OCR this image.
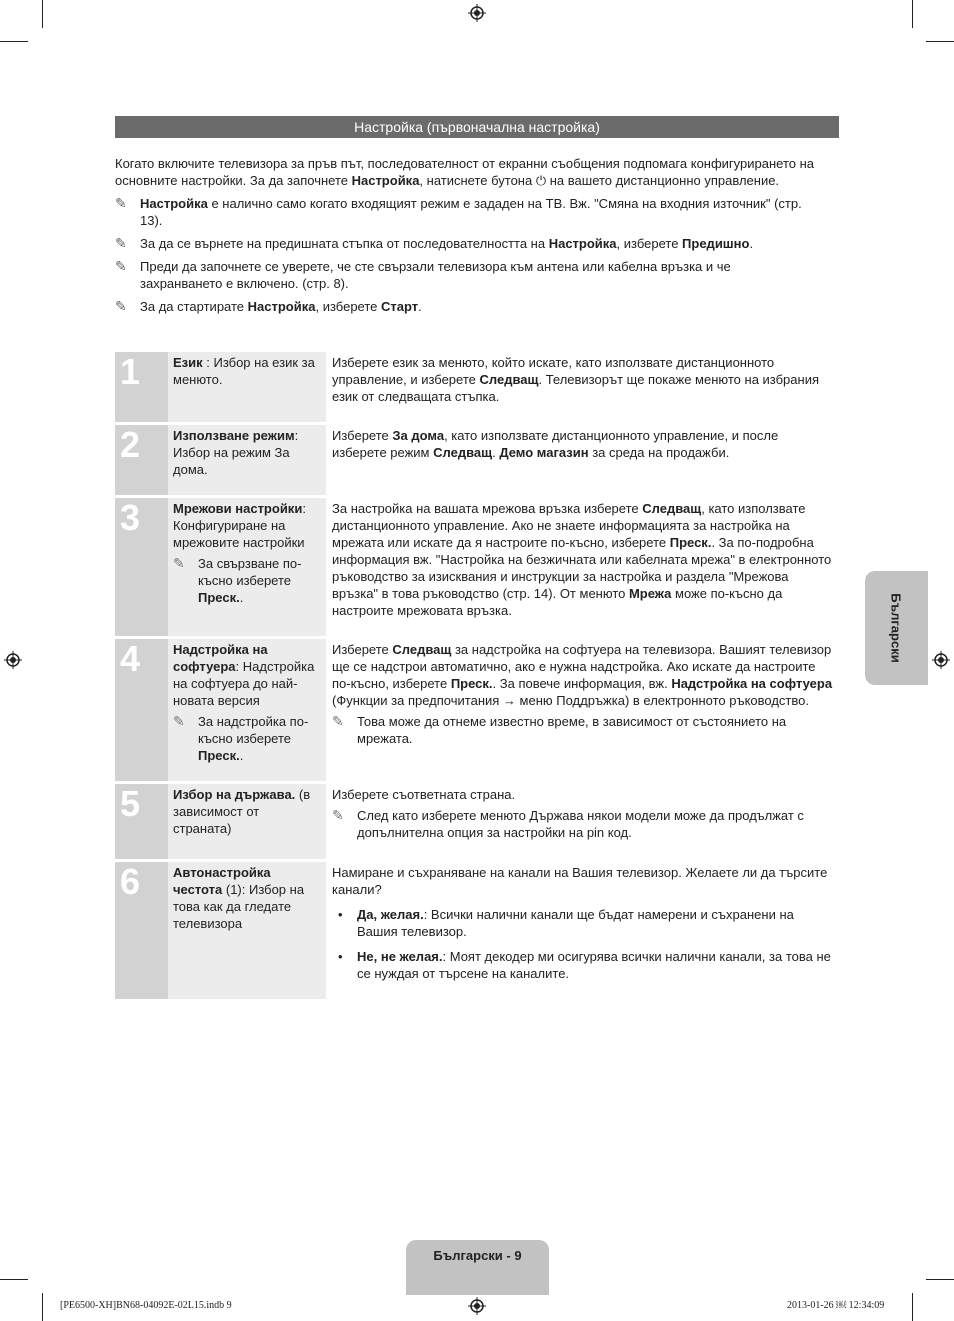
Настройка (първоначална настройка)

Когато включите телевизора за пръв път, последователност от екранни съобщения подпомага конфигурирането на основните настройки. За да започнете Настройка, натиснете бутона ⏻ на вашето дистанционно управление.

✎ Настройка е налично само когато входящият режим е зададен на ТВ. Вж. "Смяна на входния източник" (стр. 13).
✎ За да се върнете на предишната стъпка от последователността на Настройка, изберете Предишно.
✎ Преди да започнете се уверете, че сте свързали телевизора към антена или кабелна връзка и че захранването е включено. (стр. 8).
✎ За да стартирате Настройка, изберете Старт.
1	Език : Избор на език за менюто.

Изберете език за менюто, който искате, като използвате дистанционното управление, и изберете Следващ. Телевизорът ще покаже менюто на избрания език от следващата стъпка.

2	Използване режим: Избор на режим За дома.

Изберете За дома, като използвате дистанционното управление, и после изберете режим Следващ. Демо магазин за среда на продажби.

3	Мрежови настройки: Конфигуриране на мрежовите настройки
✎ За свързване по-късно изберете Преск..

За настройка на вашата мрежова връзка изберете Следващ, като използвате дистанционното управление. Ако не знаете информацията за настройка на мрежата или искате да я настроите по-късно, изберете Преск.. За по-подробна информация вж. "Настройка на безжичната или кабелната мрежа" в електронното ръководство за изисквания и инструкции за настройка и раздела "Мрежова връзка" в това ръководство (стр. 14). От менюто Мрежа може по-късно да настроите мрежовата връзка.

4	Надстройка на софтуера: Надстройка на софтуера до най-новата версия
✎ За надстройка по-късно изберете Преск..

Изберете Следващ за надстройка на софтуера на телевизора. Вашият телевизор ще се надстрои автоматично, ако е нужна надстройка. Ако искате да настроите по-късно, изберете Преск.. За повече информация, вж. Надстройка на софтуера (Функции за предпочитания → меню Поддръжка) в електронното ръководство.

✎ Това може да отнеме известно време, в зависимост от състоянието на мрежата.
5	Избор на държава. (в зависимост от страната)

Изберете съответната страна.

✎ След като изберете менюто Държава някои модели може да продължат с допълнителна опция за настройки на pin код.
6	Автонастройка честота (1): Избор на това как да гледате телевизора

Намиране и съхраняване на канали на Вашия телевизор. Желаете ли да търсите канали?

• Да, желая.: Всички налични канали ще бъдат намерени и съхранени на Вашия телевизор.
• Не, не желая.: Моят декодер ми осигурява всички налични канали, за това не се нуждая от търсене на каналите.
Български
Български - 9
[PE6500-XH]BN68-04092E-02L15.indb 9	2013-01-26 ￼ 12:34:09
